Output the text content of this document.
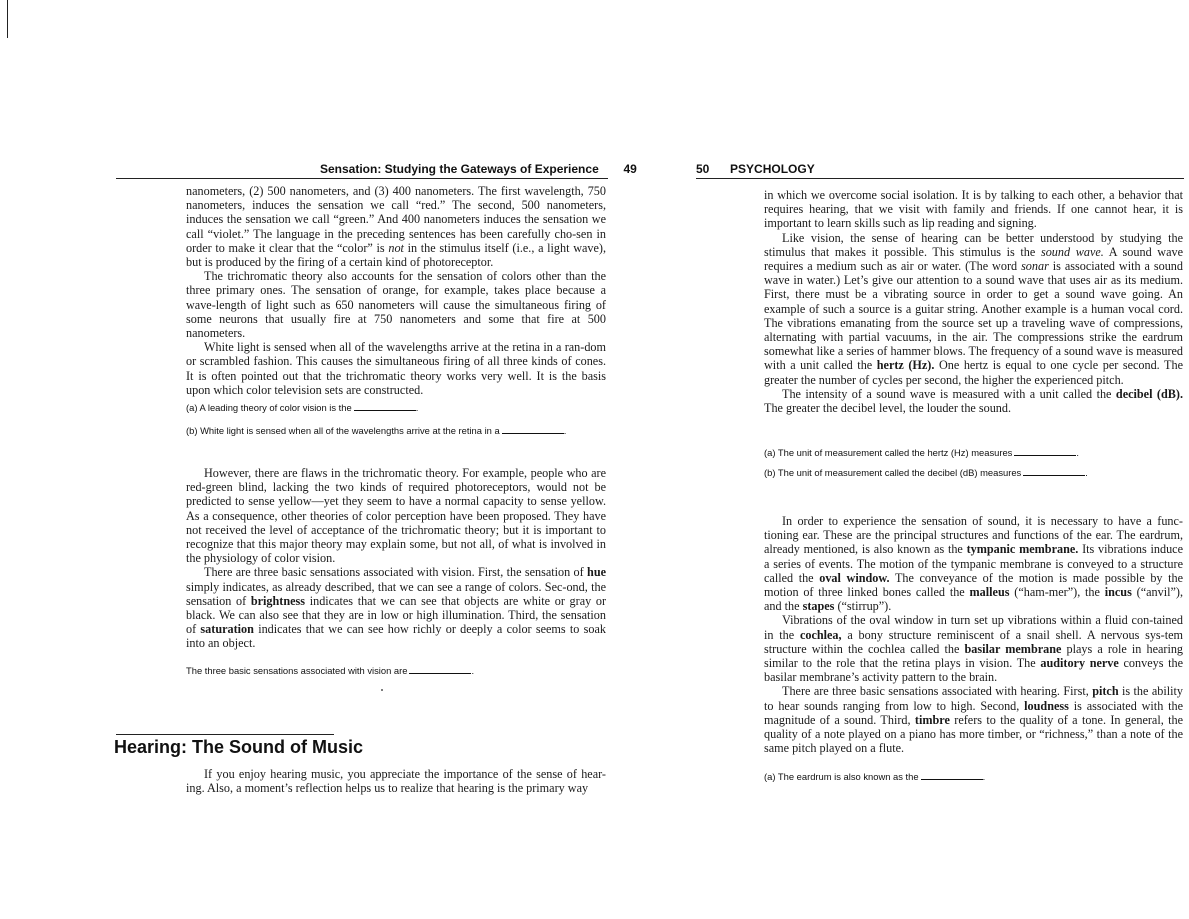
Sensation: Studying the Gateways of Experience 49

nanometers, (2) 500 nanometers, and (3) 400 nanometers. The first wavelength, 750 nanometers, induces the sensation we call “red.” The second, 500 nanometers, induces the sensation we call “green.” And 400 nanometers induces the sensation we call “violet.” The language in the preceding sentences has been carefully cho-sen in order to make it clear that the “color” is not in the stimulus itself (i.e., a light wave), but is produced by the firing of a certain kind of photoreceptor.

The trichromatic theory also accounts for the sensation of colors other than the three primary ones. The sensation of orange, for example, takes place because a wave-length of light such as 650 nanometers will cause the simultaneous firing of some neurons that usually fire at 750 nanometers and some that fire at 500 nanometers.

White light is sensed when all of the wavelengths arrive at the retina in a ran-dom or scrambled fashion. This causes the simultaneous firing of all three kinds of cones. It is often pointed out that the trichromatic theory works very well. It is the basis upon which color television sets are constructed.

(a) A leading theory of color vision is the	.
(b) White light is sensed when all of the wavelengths arrive at the retina in a	.

However, there are flaws in the trichromatic theory. For example, people who are red-green blind, lacking the two kinds of required photoreceptors, would not be predicted to sense yellow—yet they seem to have a normal capacity to sense yellow. As a consequence, other theories of color perception have been proposed. They have not received the level of acceptance of the trichromatic theory; but it is important to recognize that this major theory may explain some, but not all, of what is involved in the physiology of color vision.

There are three basic sensations associated with vision. First, the sensation of hue simply indicates, as already described, that we can see a range of colors. Sec-ond, the sensation of brightness indicates that we can see that objects are white or gray or black. We can also see that they are in low or high illumination. Third, the sensation of saturation indicates that we can see how richly or deeply a color seems to soak into an object.

The three basic sensations associated with vision are	.
Hearing: The Sound of Music

If you enjoy hearing music, you appreciate the importance of the sense of hear-ing. Also, a moment’s reflection helps us to realize that hearing is the primary way

50 PSYCHOLOGY

in which we overcome social isolation. It is by talking to each other, a behavior that requires hearing, that we visit with family and friends. If one cannot hear, it is important to learn skills such as lip reading and signing.

Like vision, the sense of hearing can be better understood by studying the stimulus that makes it possible. This stimulus is the sound wave. A sound wave requires a medium such as air or water. (The word sonar is associated with a sound wave in water.) Let’s give our attention to a sound wave that uses air as its medium. First, there must be a vibrating source in order to get a sound wave going. An example of such a source is a guitar string. Another example is a human vocal cord. The vibrations emanating from the source set up a traveling wave of compressions, alternating with partial vacuums, in the air. The compressions strike the eardrum somewhat like a series of hammer blows. The frequency of a sound wave is measured with a unit called the hertz (Hz). One hertz is equal to one cycle per second. The greater the number of cycles per second, the higher the experienced pitch.

The intensity of a sound wave is measured with a unit called the decibel (dB). The greater the decibel level, the louder the sound.

(a) The unit of measurement called the hertz (Hz) measures	.
(b) The unit of measurement called the decibel (dB) measures	.

In order to experience the sensation of sound, it is necessary to have a func-tioning ear. These are the principal structures and functions of the ear. The eardrum, already mentioned, is also known as the tympanic membrane. Its vibrations induce a series of events. The motion of the tympanic membrane is conveyed to a structure called the oval window. The conveyance of the motion is made possible by the motion of three linked bones called the malleus (“ham-mer”), the incus (“anvil”), and the stapes (“stirrup”).

Vibrations of the oval window in turn set up vibrations within a fluid con-tained in the cochlea, a bony structure reminiscent of a snail shell. A nervous sys-tem structure within the cochlea called the basilar membrane plays a role in hearing similar to the role that the retina plays in vision. The auditory nerve conveys the basilar membrane’s activity pattern to the brain.

There are three basic sensations associated with hearing. First, pitch is the ability to hear sounds ranging from low to high. Second, loudness is associated with the magnitude of a sound. Third, timbre refers to the quality of a tone. In general, the quality of a note played on a piano has more timber, or “richness,” than a note of the same pitch played on a flute.

(a) The eardrum is also known as the	.
